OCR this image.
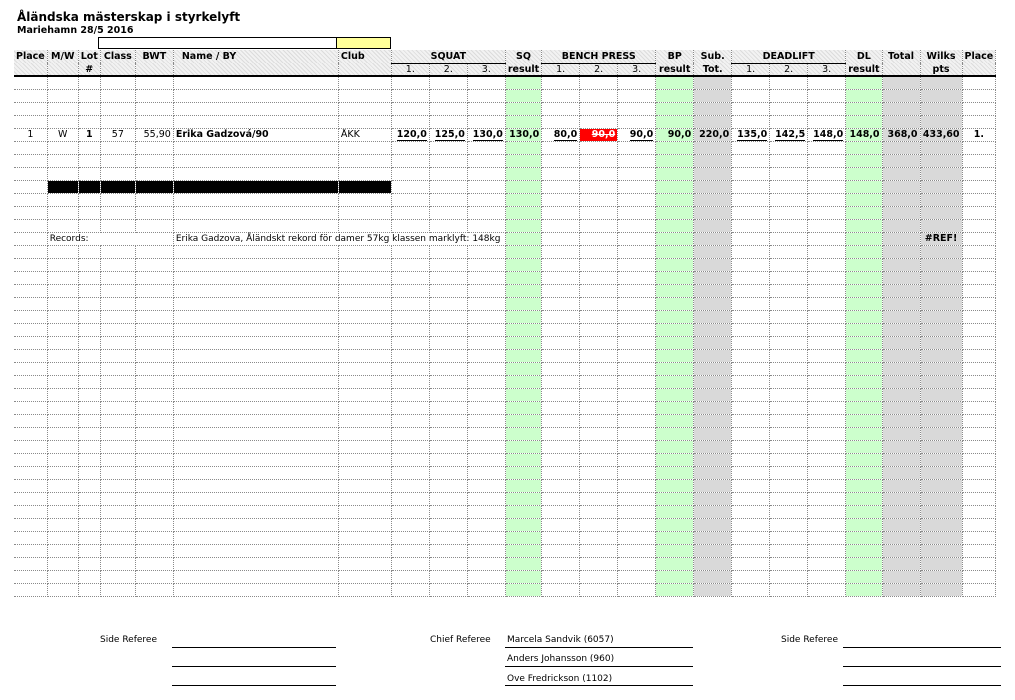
Åländska mästerskap i styrkelyft
Mariehamn 28/5 2016
Place	M/W	Lot	Class	BWT	Name / BY	Club	SQUAT			SQ	BENCH PRESS			BP	Sub.	DEADLIFT			DL	Total	Wilks	Place
		#					1.	2.	3.	result	1.	2.	3.	result	Tot.	1.	2.	3.	result		pts	

1	W	1	57	55,90	Erika Gadzová/90	ÅKK	120,0	125,0	130,0	130,0	80,0	90,0	90,0	90,0	220,0	135,0	142,5	148,0	148,0	368,0	433,60	1.

	Records:				Erika Gadzova, Åländskt rekord för damer 57kg klassen marklyft: 148kg																#REF!	

Side Referee	Chief Referee Marcela Sandvik (6057)
Anders Johansson (960)
Ove Fredrickson (1102)
Side Referee
